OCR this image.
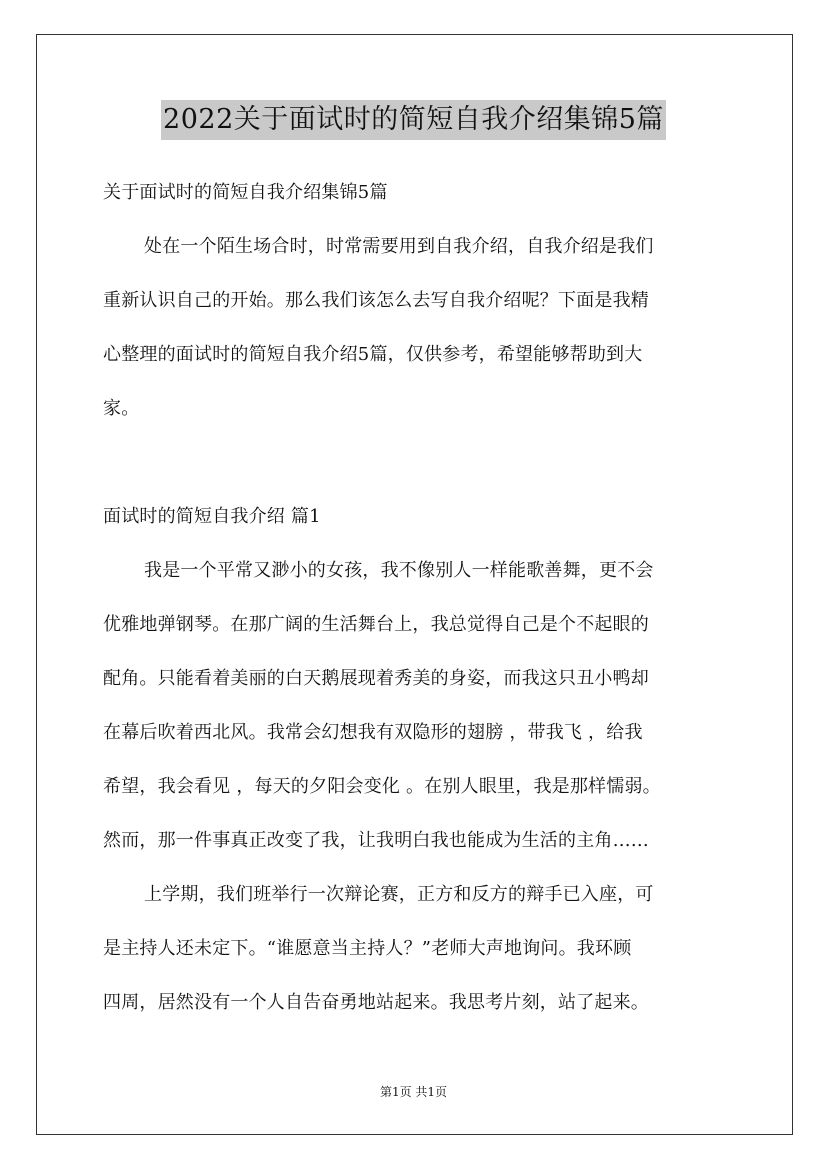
2022关于面试时的简短自我介绍集锦5篇
关于面试时的简短自我介绍集锦5篇
处在一个陌生场合时，时常需要用到自我介绍，自我介绍是我们
重新认识自己的开始。那么我们该怎么去写自我介绍呢？下面是我精
心整理的面试时的简短自我介绍5篇，仅供参考，希望能够帮助到大
家。
面试时的简短自我介绍 篇1
我是一个平常又渺小的女孩，我不像别人一样能歌善舞，更不会
优雅地弹钢琴。在那广阔的生活舞台上，我总觉得自己是个不起眼的
配角。只能看着美丽的白天鹅展现着秀美的身姿，而我这只丑小鸭却
在幕后吹着西北风。我常会幻想我有双隐形的翅膀 ，带我飞 ，给我
希望，我会看见 ，每天的夕阳会变化 。在别人眼里，我是那样懦弱。
然而，那一件事真正改变了我，让我明白我也能成为生活的主角……
上学期，我们班举行一次辩论赛，正方和反方的辩手已入座，可
是主持人还未定下。“谁愿意当主持人？”老师大声地询问。我环顾
四周，居然没有一个人自告奋勇地站起来。我思考片刻，站了起来。
第1页 共1页
